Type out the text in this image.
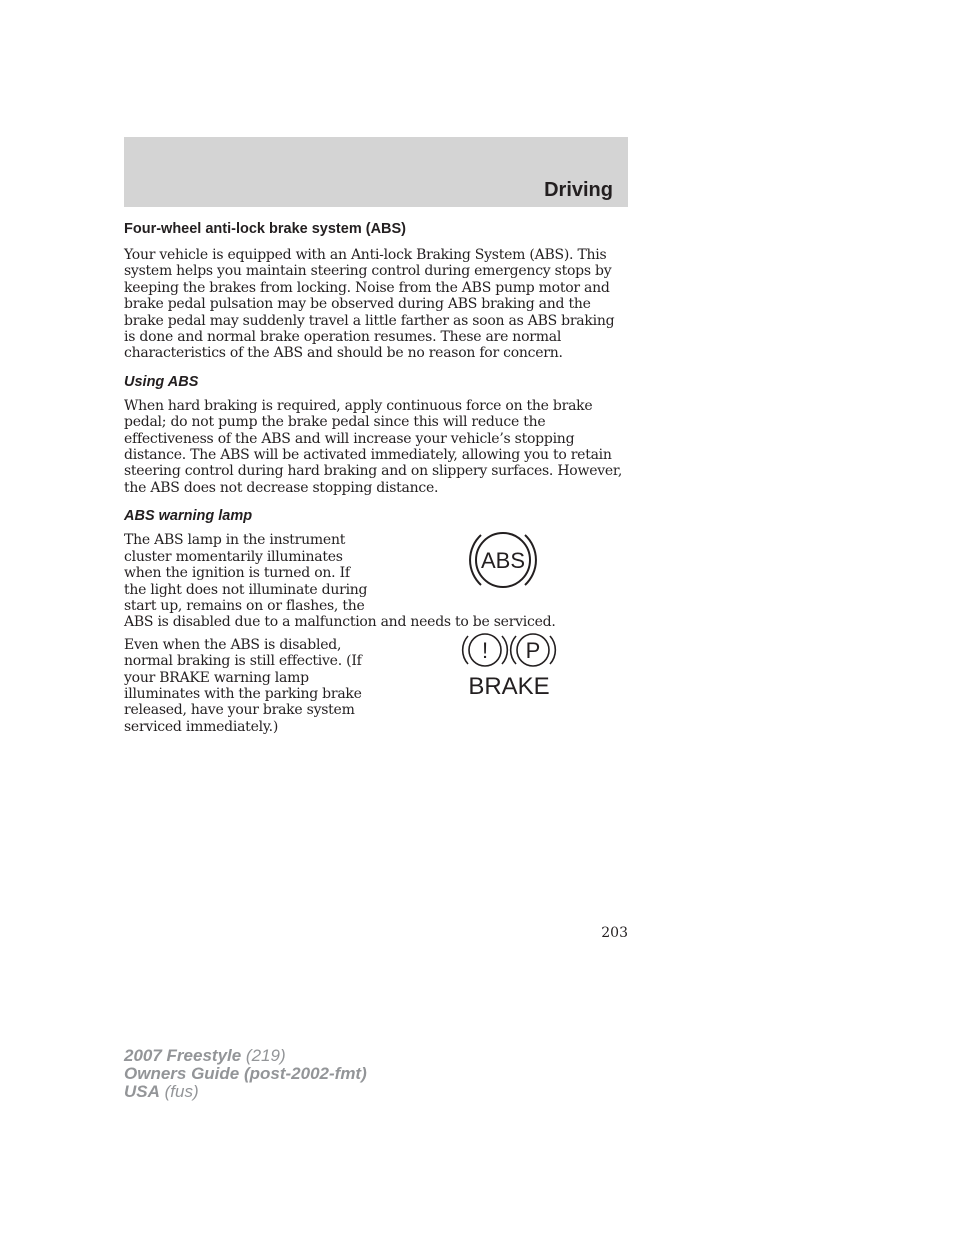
Driving
Four-wheel anti-lock brake system (ABS)

Your vehicle is equipped with an Anti-lock Braking System (ABS). This system helps you maintain steering control during emergency stops by keeping the brakes from locking. Noise from the ABS pump motor and brake pedal pulsation may be observed during ABS braking and the brake pedal may suddenly travel a little farther as soon as ABS braking is done and normal brake operation resumes. These are normal characteristics of the ABS and should be no reason for concern.

Using ABS

When hard braking is required, apply continuous force on the brake pedal; do not pump the brake pedal since this will reduce the effectiveness of the ABS and will increase your vehicle’s stopping distance. The ABS will be activated immediately, allowing you to retain steering control during hard braking and on slippery surfaces. However, the ABS does not decrease stopping distance.

ABS warning lamp

The ABS lamp in the instrument cluster momentarily illuminates when the ignition is turned on. If the light does not illuminate during start up, remains on or flashes, the

ABS

ABS is disabled due to a malfunction and needs to be serviced.

Even when the ABS is disabled, normal braking is still effective. (If your BRAKE warning lamp illuminates with the parking brake released, have your brake system serviced immediately.)

! P
BRAKE
203
2007 Freestyle (219)
Owners Guide (post-2002-fmt)
USA (fus)
